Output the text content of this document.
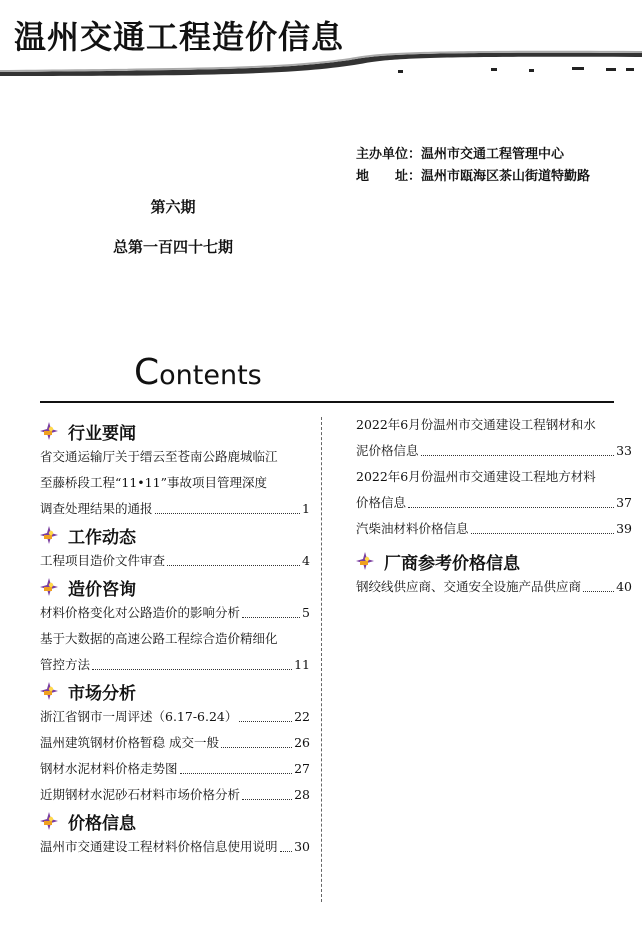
温州交通工程造价信息
主办单位：温州市交通工程管理中心
地　　址：温州市瓯海区茶山街道特勤路
第六期
总第一百四十七期
Contents
行业要闻
省交通运输厅关于缙云至苍南公路鹿城临江
至藤桥段工程“11•11”事故项目管理深度
调查处理结果的通报	1
工作动态
工程项目造价文件审查	4
造价咨询
材料价格变化对公路造价的影响分析	5
基于大数据的高速公路工程综合造价精细化
管控方法	11
市场分析
浙江省钢市一周评述（6.17-6.24）	22
温州建筑钢材价格暂稳 成交一般	26
钢材水泥材料价格走势图	27
近期钢材水泥砂石材料市场价格分析	28
价格信息
温州市交通建设工程材料价格信息使用说明 30
2022年6月份温州市交通建设工程钢材和水
泥价格信息	33
2022年6月份温州市交通建设工程地方材料
价格信息	37
汽柴油材料价格信息	39
厂商参考价格信息
钢绞线供应商、交通安全设施产品供应商	40
